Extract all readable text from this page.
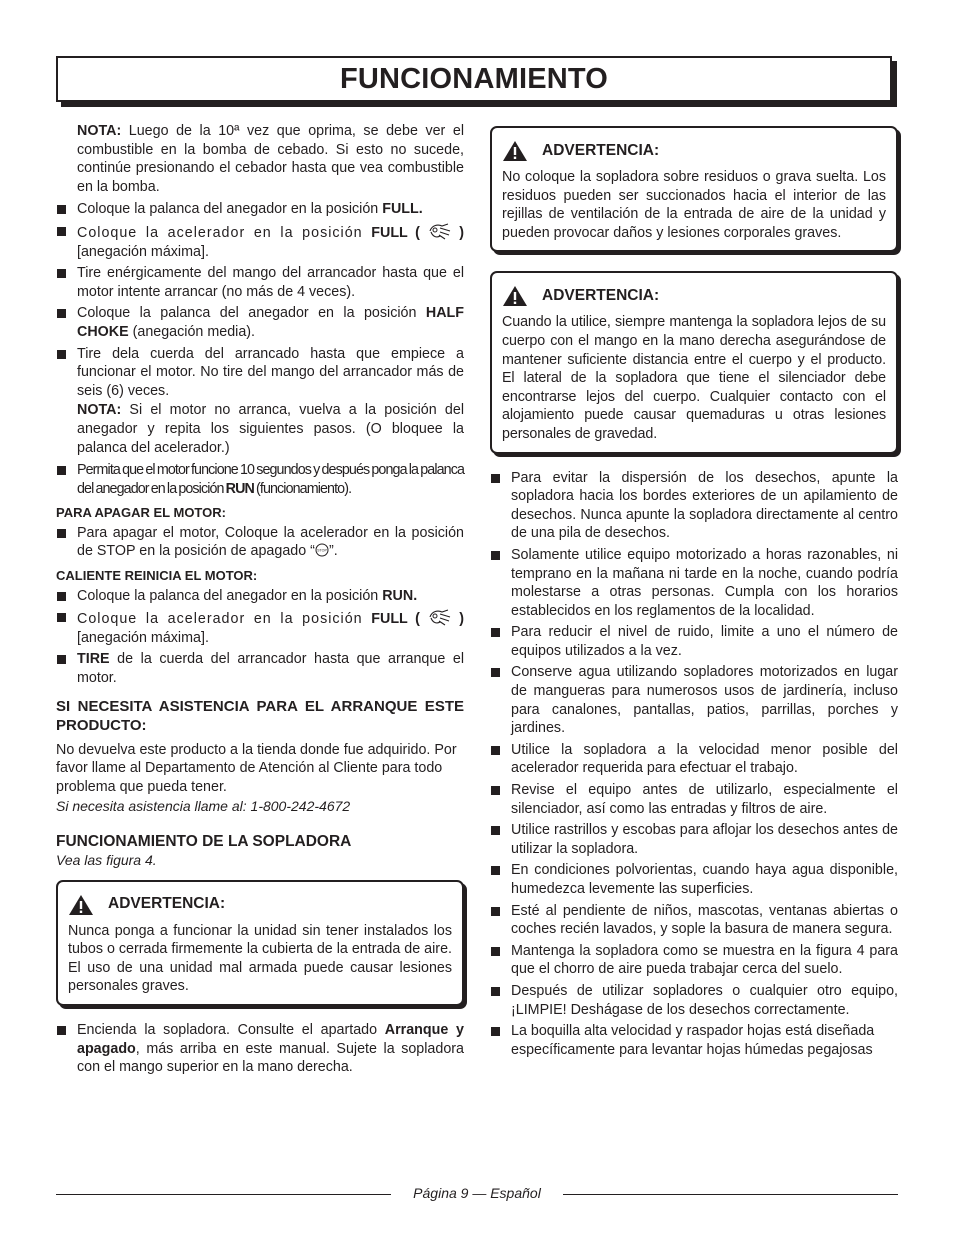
FUNCIONAMIENTO

NOTA: Luego de la 10ª vez que oprima, se debe ver el combustible en la bomba de cebado. Si esto no sucede, continúe presionando el cebador hasta que vea combustible en la bomba.

Coloque la palanca del anegador en la posición FULL.
Coloque la acelerador en la posición FULL (	) [anegación máxima].
Tire enérgicamente del mango del arrancador hasta que el motor intente arrancar (no más de 4 veces).
Coloque la palanca del anegador en la posición HALF CHOKE (anegación media).
Tire dela cuerda del arrancado hasta que empiece a funcionar el motor. No tire del mango del arrancador más de seis (6) veces.

NOTA: Si el motor no arranca, vuelva a la posición del anegador y repita los siguientes pasos. (O bloquee la palanca del acelerador.)

Permita que el motor funcione 10 segundos y después ponga la palanca del anegador en la posición RUN (funcionamiento).

PARA APAGAR EL MOTOR:

Para apagar el motor, Coloque la acelerador en la posición de STOP en la posición de apagado “ STOP ”.

CALIENTE REINICIA EL MOTOR:

Coloque la palanca del anegador en la posición RUN.
Coloque la acelerador en la posición FULL (	) [anegación máxima].
TIRE de la cuerda del arrancador hasta que arranque el motor.

SI NECESITA ASISTENCIA PARA EL ARRANQUE ESTE PRODUCTO:

No devuelva este producto a la tienda donde fue adquirido. Por favor llame al Departamento de Atención al Cliente para todo problema que pueda tener.

Si necesita asistencia llame al: 1-800-242-4672

FUNCIONAMIENTO DE LA SOPLADORA

Vea las figura 4.

ADVERTENCIA:

Nunca ponga a funcionar la unidad sin tener instalados los tubos o cerrada firmemente la cubierta de la entrada de aire. El uso de una unidad mal armada puede causar lesiones personales graves.

Encienda la sopladora. Consulte el apartado Arranque y apagado, más arriba en este manual. Sujete la sopladora con el mango superior en la mano derecha.
ADVERTENCIA:

No coloque la sopladora sobre residuos o grava suelta. Los residuos pueden ser succionados hacia el interior de las rejillas de ventilación de la entrada de aire de la unidad y pueden provocar daños y lesiones corporales graves.

ADVERTENCIA:

Cuando la utilice, siempre mantenga la sopladora lejos de su cuerpo con el mango en la mano derecha asegurándose de mantener suficiente distancia entre el cuerpo y el producto. El lateral de la sopladora que tiene el silenciador debe encontrarse lejos del cuerpo. Cualquier contacto con el alojamiento puede causar quemaduras u otras lesiones personales de gravedad.

Para evitar la dispersión de los desechos, apunte la sopladora hacia los bordes exteriores de un apilamiento de desechos. Nunca apunte la sopladora directamente al centro de una pila de desechos.
Solamente utilice equipo motorizado a horas razonables, ni temprano en la mañana ni tarde en la noche, cuando podría molestarse a otras personas. Cumpla con los horarios establecidos en los reglamentos de la localidad.
Para reducir el nivel de ruido, limite a uno el número de equipos utilizados a la vez.
Conserve agua utilizando sopladores motorizados en lugar de mangueras para numerosos usos de jardinería, incluso para canalones, pantallas, patios, parrillas, porches y jardines.
Utilice la sopladora a la velocidad menor posible del acelerador requerida para efectuar el trabajo.
Revise el equipo antes de utilizarlo, especialmente el silenciador, así como las entradas y filtros de aire.
Utilice rastrillos y escobas para aflojar los desechos antes de utilizar la sopladora.
En condiciones polvorientas, cuando haya agua disponible, humedezca levemente las superficies.
Esté al pendiente de niños, mascotas, ventanas abiertas o coches recién lavados, y sople la basura de manera segura.
Mantenga la sopladora como se muestra en la figura 4 para que el chorro de aire pueda trabajar cerca del suelo.
Después de utilizar sopladores o cualquier otro equipo, ¡LIMPIE! Deshágase de los desechos correctamente.
La boquilla alta velocidad y raspador hojas está diseñada específicamente para levantar hojas húmedas pegajosas
Página 9 — Español
